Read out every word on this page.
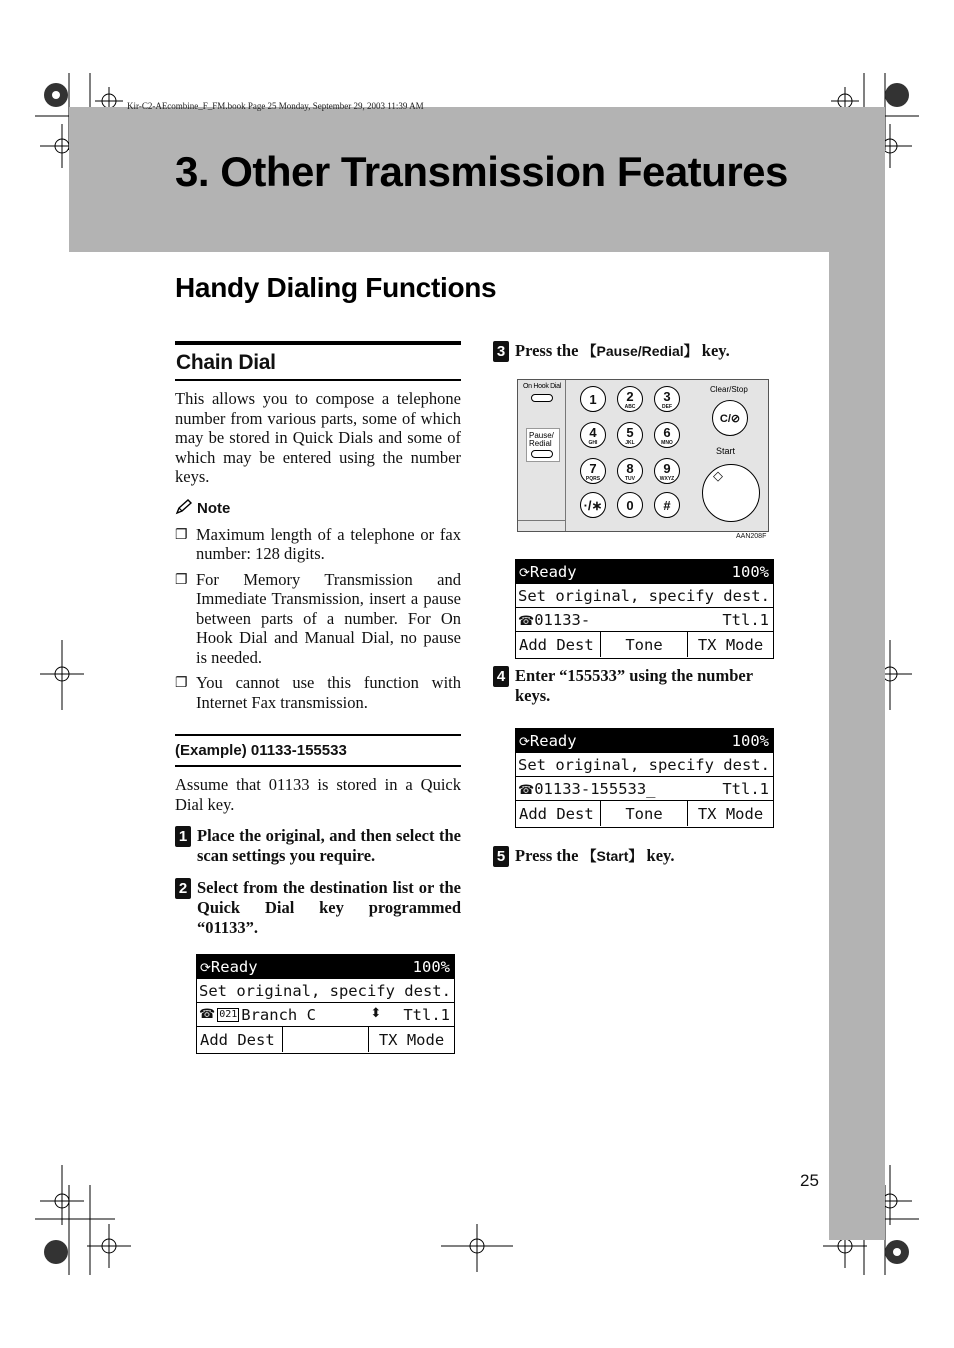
Kir-C2-AEcombine_F_FM.book Page 25 Monday, September 29, 2003 11:39 AM
3. Other Transmission Features
Handy Dialing Functions
Chain Dial

This allows you to compose a telephone number from various parts, some of which may be stored in Quick Dials and some of which may be entered using the number keys.

Note
❐ Maximum length of a telephone or fax number: 128 digits.
❐ For Memory Transmission and Immediate Transmission, insert a pause between parts of a number. For On Hook Dial and Manual Dial, no pause is needed.
❐ You cannot use this function with Internet Fax transmission.
(Example) 01133-155533

Assume that 01133 is stored in a Quick Dial key.

1 Place the original, and then select the scan settings you require.
2 Select from the destination list or the Quick Dial key programmed “01133”.
⟳Ready	100%
Set original, specify dest.
☎ 021 Branch C	⬍ Ttl.1
Add Dest	TX Mode
3 Press the 【Pause/Redial】 key.
On Hook Dial
Pause/
Redial
1	2
ABC
3
DEF
4
GHI
5
JKL
6
MNO
7
PQRS
8
TUV
9
WXYZ
·/∗	0	#
Clear/Stop
C/⊘
Start
◇
AAN208F
⟳Ready	100%
Set original, specify dest.
☎01133-	Ttl.1
Add Dest	Tone	TX Mode
4 Enter “155533” using the number keys.
⟳Ready	100%
Set original, specify dest.
☎01133-155533_	Ttl.1
Add Dest	Tone	TX Mode
5 Press the 【Start】 key.
25
